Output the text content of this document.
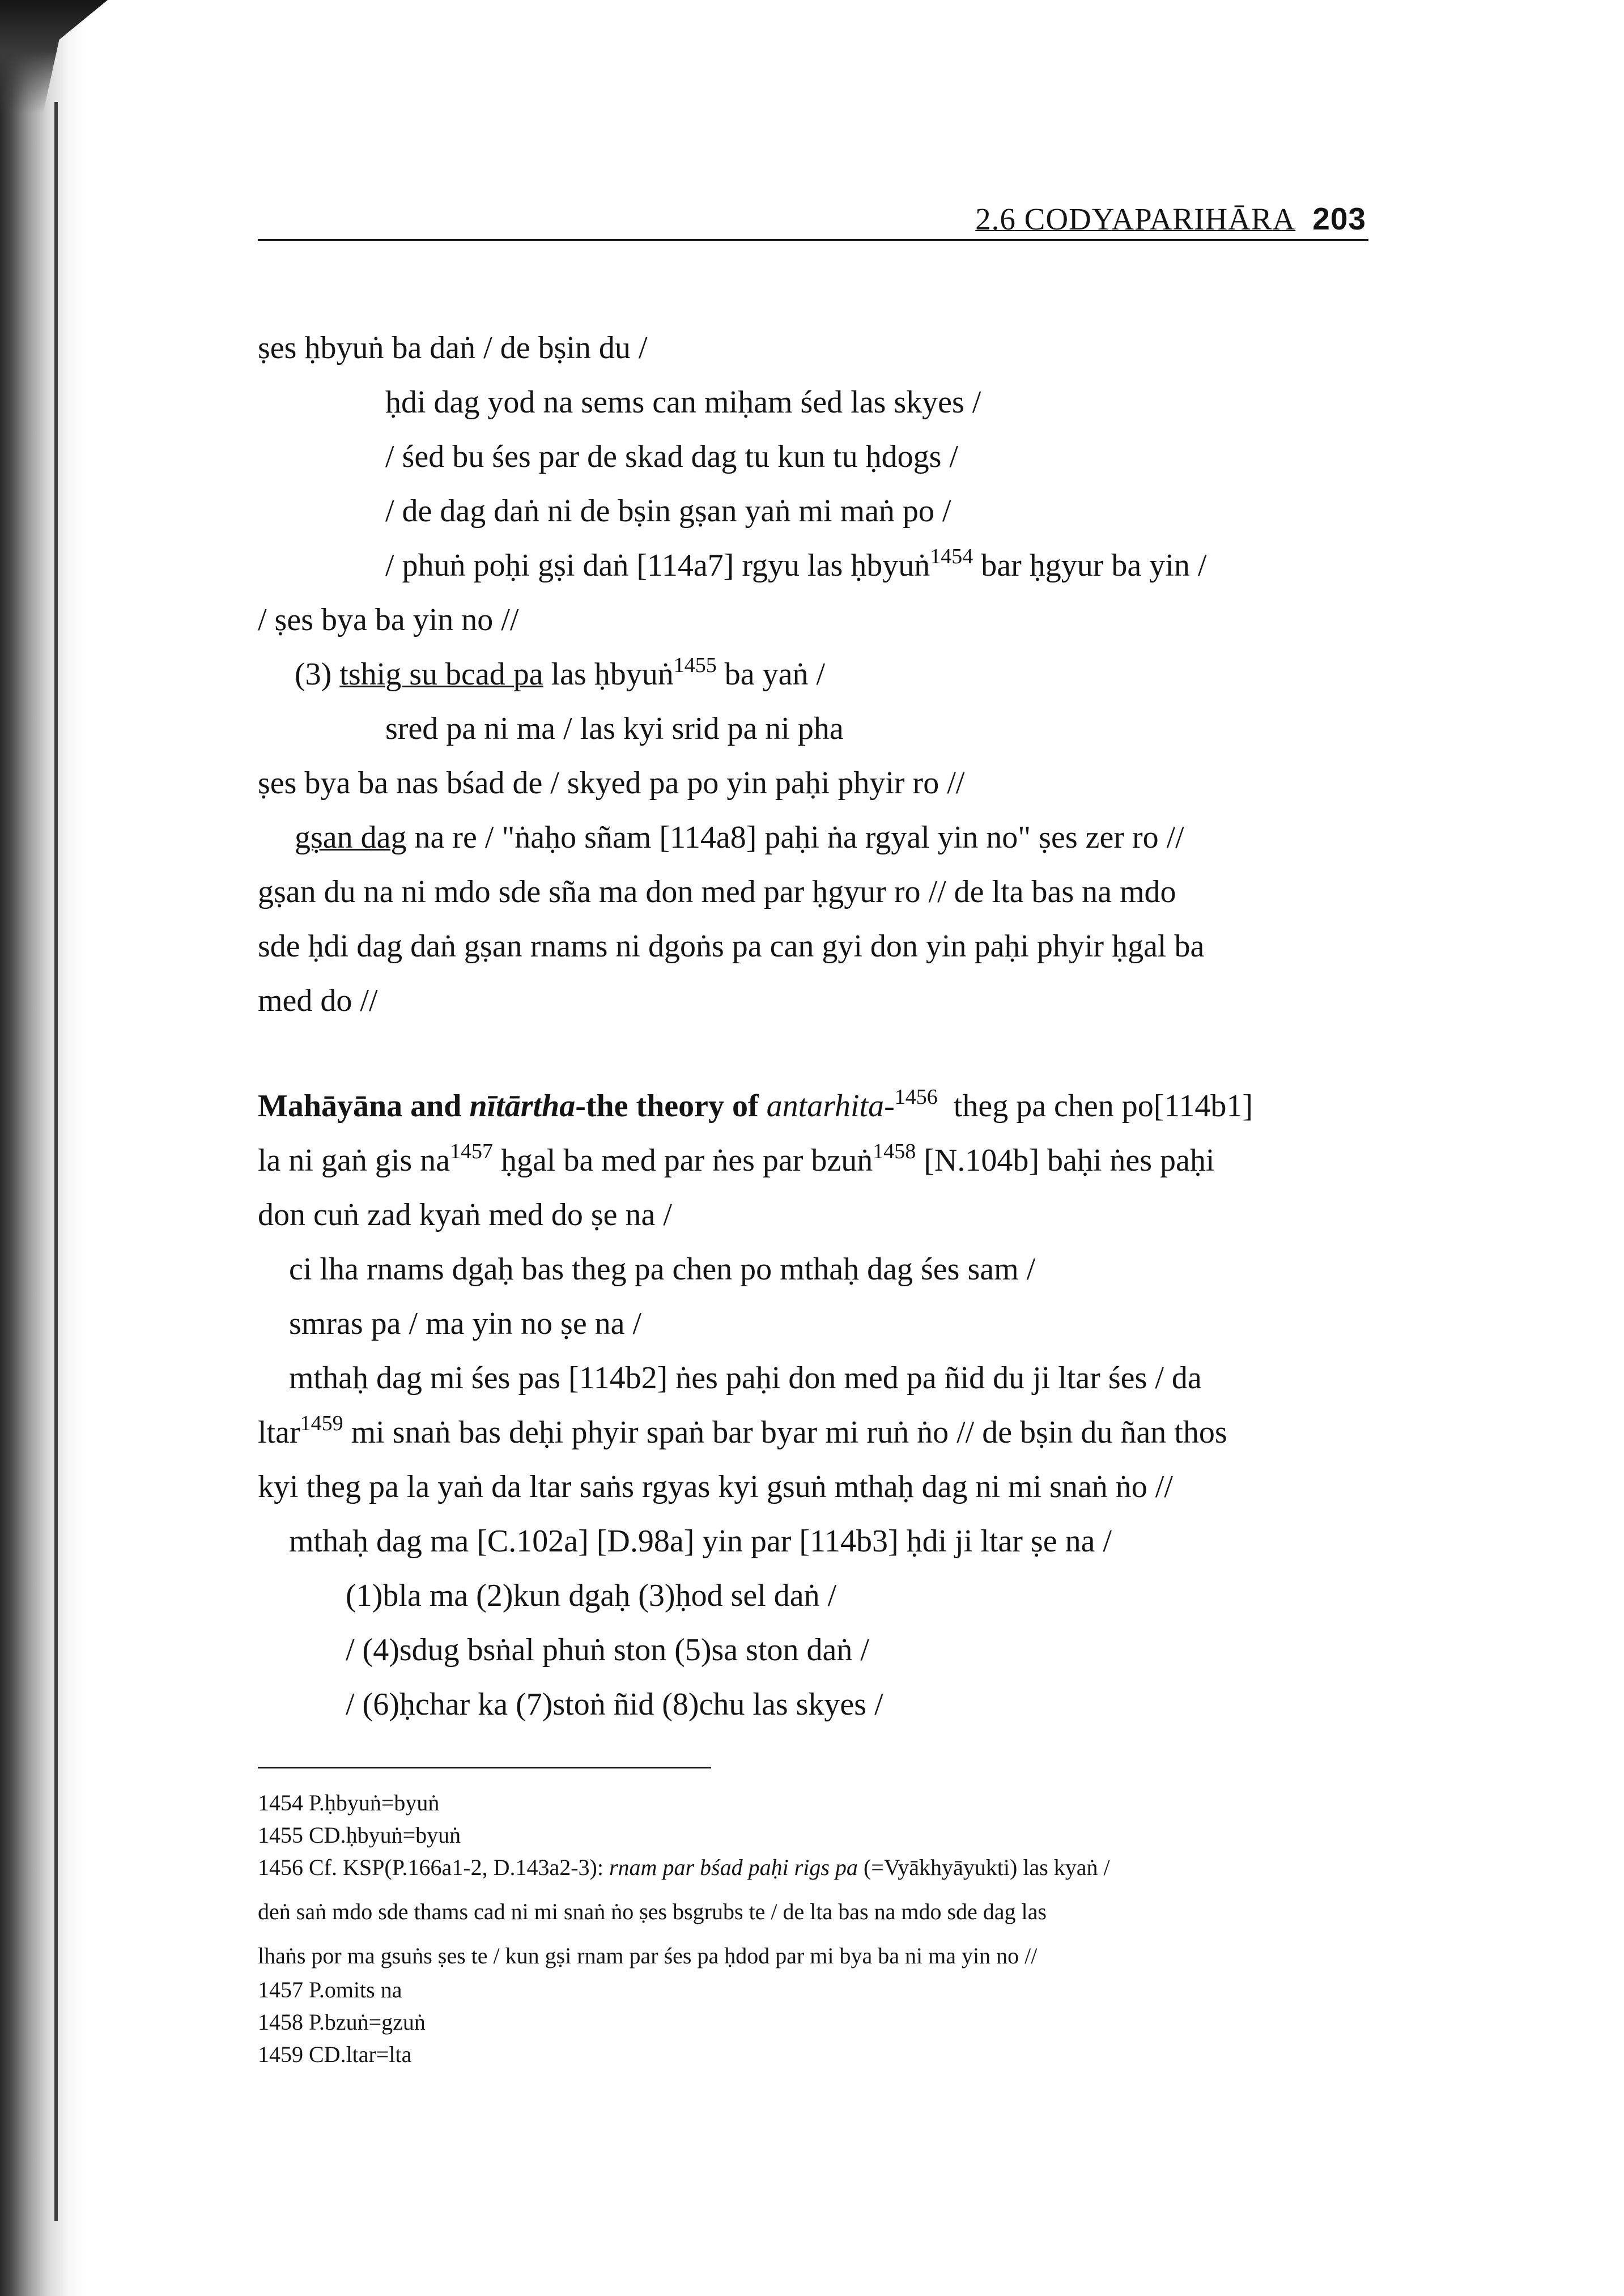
2.6 CODYAPARIHĀRA 203
ṣes ḥbyuṅ ba daṅ / de bṣin du /
ḥdi dag yod na sems can miḥam śed las skyes /
/ śed bu śes par de skad dag tu kun tu ḥdogs /
/ de dag daṅ ni de bṣin gṣan yaṅ mi maṅ po /
/ phuṅ poḥi gṣi daṅ [114a7] rgyu las ḥbyuṅ$^{1454}$ bar ḥgyur ba yin /
/ ṣes bya ba yin no //
(3) tshig su bcad pa las ḥbyuṅ$^{1455}$ ba yaṅ /
sred pa ni ma / las kyi srid pa ni pha
ṣes bya ba nas bśad de / skyed pa po yin paḥi phyir ro //
gṣan dag na re / "ṅaḥo sñam [114a8] paḥi ṅa rgyal yin no" ṣes zer ro //
gṣan du na ni mdo sde sña ma don med par ḥgyur ro // de lta bas na mdo
sde ḥdi dag daṅ gṣan rnams ni dgoṅs pa can gyi don yin paḥi phyir ḥgal ba
med do //
Mahāyāna and nītārtha-the theory of antarhita-$^{1456}$  theg pa chen po[114b1]
la ni gaṅ gis $na^{1457}$ ḥgal ba med par ṅes par bzuṅ$^{1458}$ [N.104b] baḥi ṅes paḥi
don cuṅ zad kyaṅ med do ṣe na /
ci lha rnams dgaḥ bas theg pa chen po mthaḥ dag śes sam /
smras pa / ma yin no ṣe na /
mthaḥ dag mi śes pas [114b2] ṅes paḥi don med pa ñid du ji ltar śes / da
ltar$^{1459}$ mi snaṅ bas deḥi phyir spaṅ bar byar mi ruṅ ṅo // de bṣin du ñan thos
kyi theg pa la yaṅ da ltar saṅs rgyas kyi gsuṅ mthaḥ dag ni mi snaṅ ṅo //
mthaḥ dag ma [C.102a] [D.98a] yin par [114b3] ḥdi ji ltar ṣe na /
(1)bla ma (2)kun dgaḥ (3)ḥod sel daṅ /
/ (4)sdug bsṅal phuṅ ston (5)sa ston daṅ /
/ (6)ḥchar ka (7)stoṅ ñid (8)chu las skyes /
1454 P.ḥbyuṅ=byuṅ
1455 CD.ḥbyuṅ=byuṅ
1456 Cf. KSP(P.166a1-2, D.143a2-3): rnam par bśad paḥi rigs pa (=Vyākhyāyukti) las kyaṅ /
deṅ saṅ mdo sde thams cad ni mi snaṅ ṅo ṣes bsgrubs te / de lta bas na mdo sde dag las
lhaṅs por ma gsuṅs ṣes te / kun gṣi rnam par śes pa ḥdod par mi bya ba ni ma yin no //
1457 P.omits na
1458 P.bzuṅ=gzuṅ
1459 CD.ltar=lta
